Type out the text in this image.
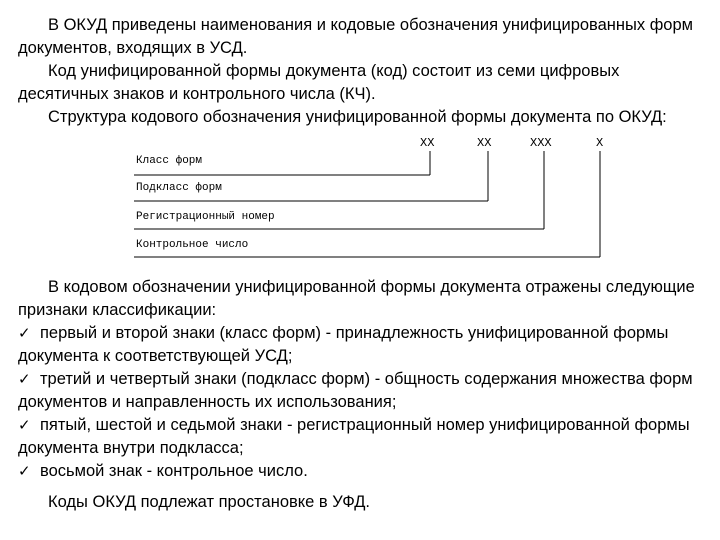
В ОКУД приведены наименования и кодовые обозначения унифицированных форм документов, входящих в УСД.

Код унифицированной формы документа (код) состоит из семи цифровых десятичных знаков и контрольного числа (КЧ).

Структура кодового обозначения унифицированной формы документа по ОКУД:

XX	XX	XXX	X
Класс форм
Подкласс форм
Регистрационный номер
Контрольное число

В кодовом обозначении унифицированной формы документа отражены следующие признаки классификации:

✓ первый и второй знаки (класс форм) - принадлежность унифицированной формы документа к соответствующей УСД;

✓ третий и четвертый знаки (подкласс форм) - общность содержания множества форм документов и направленность их использования;

✓ пятый, шестой и седьмой знаки - регистрационный номер унифицированной формы документа внутри подкласса;

✓ восьмой знак - контрольное число.

Коды ОКУД подлежат простановке в УФД.
